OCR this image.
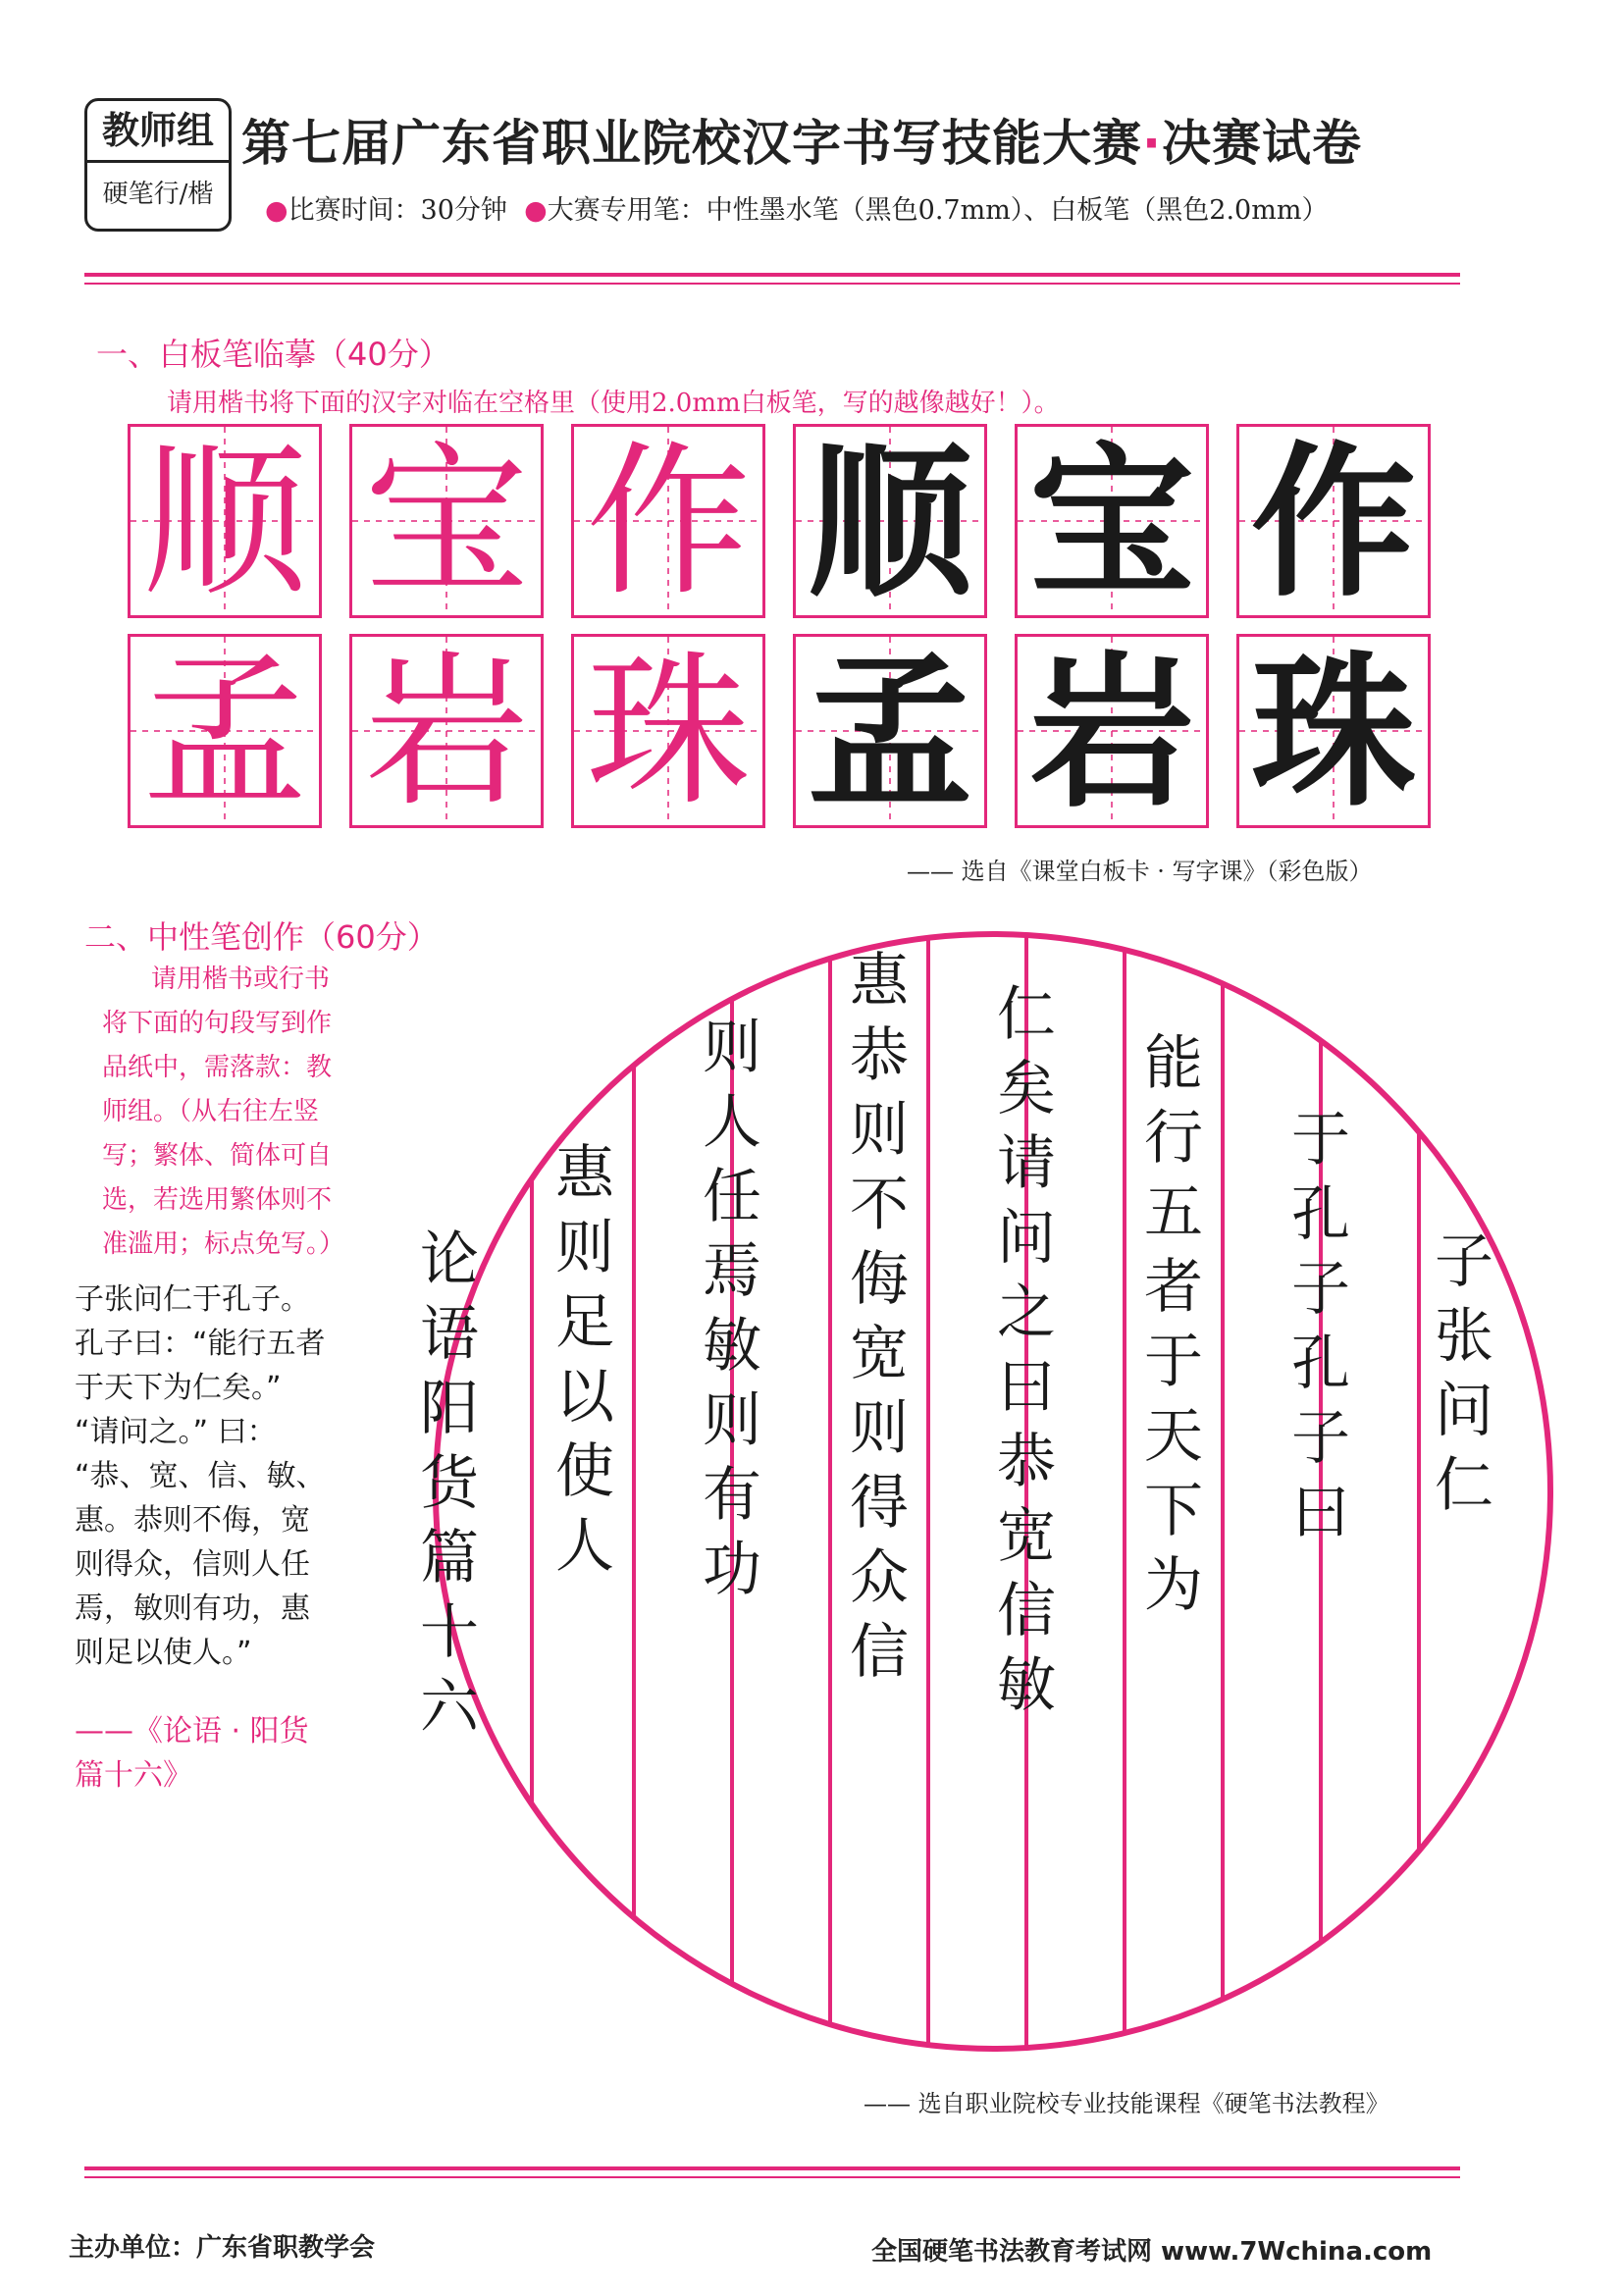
教师组
硬笔行/楷
第七届广东省职业院校汉字书写技能大赛·决赛试卷
●比赛时间：30分钟 ●大赛专用笔：中性墨水笔（黑色0.7mm）、白板笔（黑色2.0mm）
一、白板笔临摹（40分）
请用楷书将下面的汉字对临在空格里（使用2.0mm白板笔，写的越像越好！）。
顺 宝 作 顺 宝 作
孟 岩 珠 孟 岩 珠
—— 选自《课堂白板卡 · 写字课》（彩色版）
二、中性笔创作（60分）
请用楷书或行书
将下面的句段写到作
品纸中，需落款：教
师组。（从右往左竖
写；繁体、简体可自
选，若选用繁体则不
准滥用；标点免写。）
子张问仁于孔子。
孔子曰：“能行五者
于天下为仁矣。”
“请问之。” 曰：
“恭、宽、信、敏、
惠。恭则不侮，宽
则得众，信则人任
焉，敏则有功，惠
则足以使人。”
——《论语 · 阳货
篇十六》
子张问仁
于孔子孔子曰
能行五者于天下为
仁矣请问之曰恭宽信敏
惠恭则不侮宽则得众信
则人任焉敏则有功
惠则足以使人
论语阳货篇十六
—— 选自职业院校专业技能课程《硬笔书法教程》
主办单位：广东省职教学会	全国硬笔书法教育考试网 www.7Wchina.com
